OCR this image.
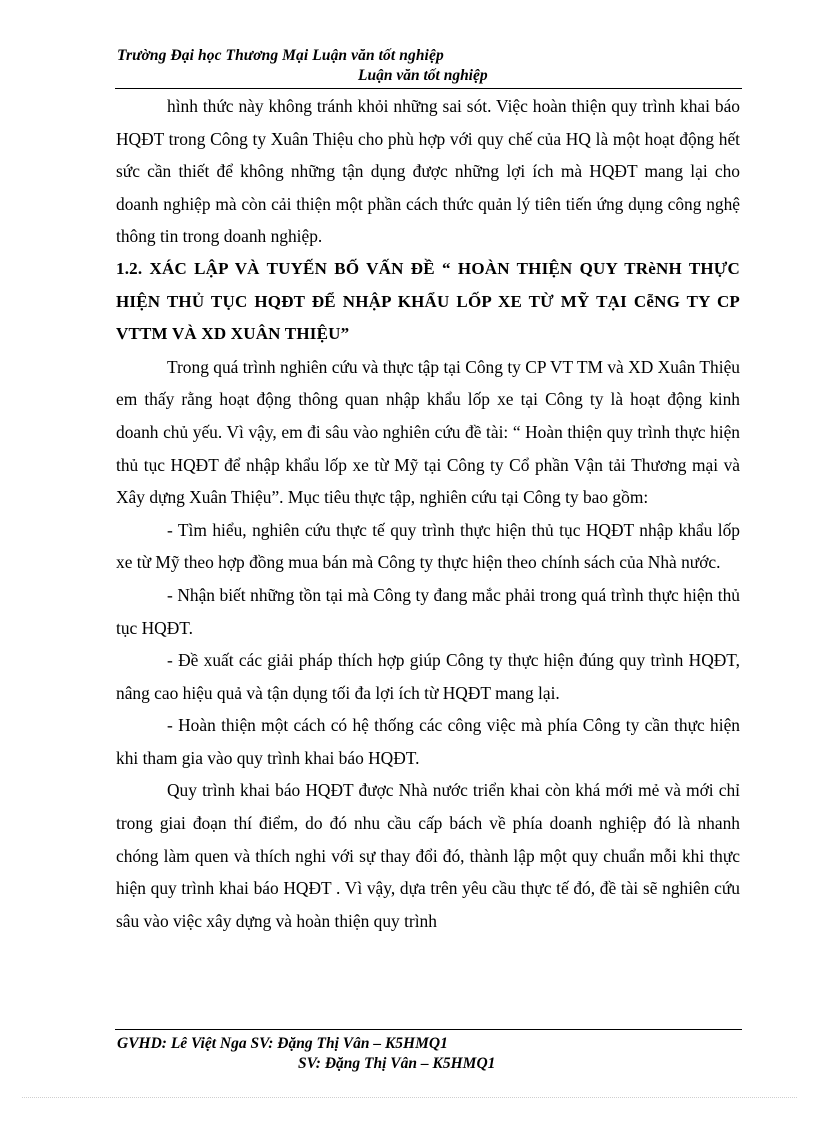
Trường Đại học Thương Mại Luận văn tốt nghiệp
Luận văn tốt nghiệp

hình thức này không tránh khỏi những sai sót. Việc hoàn thiện quy trình khai báo HQĐT trong Công ty Xuân Thiệu cho phù hợp với quy chế của HQ là một hoạt động hết sức cần thiết để không những tận dụng được những lợi ích mà HQĐT mang lại cho doanh nghiệp mà còn cải thiện một phần cách thức quản lý tiên tiến ứng dụng công nghệ thông tin trong doanh nghiệp.

1.2. XÁC LẬP VÀ TUYẾN BỐ VẤN ĐỀ “ HOÀN THIỆN QUY TRèNH THỰC HIỆN THỦ TỤC HQĐT ĐỂ NHẬP KHẨU LỐP XE TỪ MỸ TẠI CễNG TY CP VTTM VÀ XD XUÂN THIỆU”

Trong quá trình nghiên cứu và thực tập tại Công ty CP VT TM và XD Xuân Thiệu em thấy rằng hoạt động thông quan nhập khẩu lốp xe tại Công ty là hoạt động kinh doanh chủ yếu. Vì vậy, em đi sâu vào nghiên cứu đề tài: “ Hoàn thiện quy trình thực hiện thủ tục HQĐT để nhập khẩu lốp xe từ Mỹ tại Công ty Cổ phần Vận tải Thương mại và Xây dựng Xuân Thiệu”. Mục tiêu thực tập, nghiên cứu tại Công ty bao gồm:

- Tìm hiểu, nghiên cứu thực tế quy trình thực hiện thủ tục HQĐT nhập khẩu lốp xe từ Mỹ theo hợp đồng mua bán mà Công ty thực hiện theo chính sách của Nhà nước.

- Nhận biết những tồn tại mà Công ty đang mắc phải trong quá trình thực hiện thủ tục HQĐT.

- Đề xuất các giải pháp thích hợp giúp Công ty thực hiện đúng quy trình HQĐT, nâng cao hiệu quả và tận dụng tối đa lợi ích từ HQĐT mang lại.

- Hoàn thiện một cách có hệ thống các công việc mà phía Công ty cần thực hiện khi tham gia vào quy trình khai báo HQĐT.

Quy trình khai báo HQĐT được Nhà nước triển khai còn khá mới mẻ và mới chỉ trong giai đoạn thí điểm, do đó nhu cầu cấp bách về phía doanh nghiệp đó là nhanh chóng làm quen và thích nghi với sự thay đổi đó, thành lập một quy chuẩn mỗi khi thực hiện quy trình khai báo HQĐT . Vì vậy, dựa trên yêu cầu thực tế đó, đề tài sẽ nghiên cứu sâu vào việc xây dựng và hoàn thiện quy trình

GVHD: Lê Việt Nga SV: Đặng Thị Vân – K5HMQ1
SV: Đặng Thị Vân – K5HMQ1
